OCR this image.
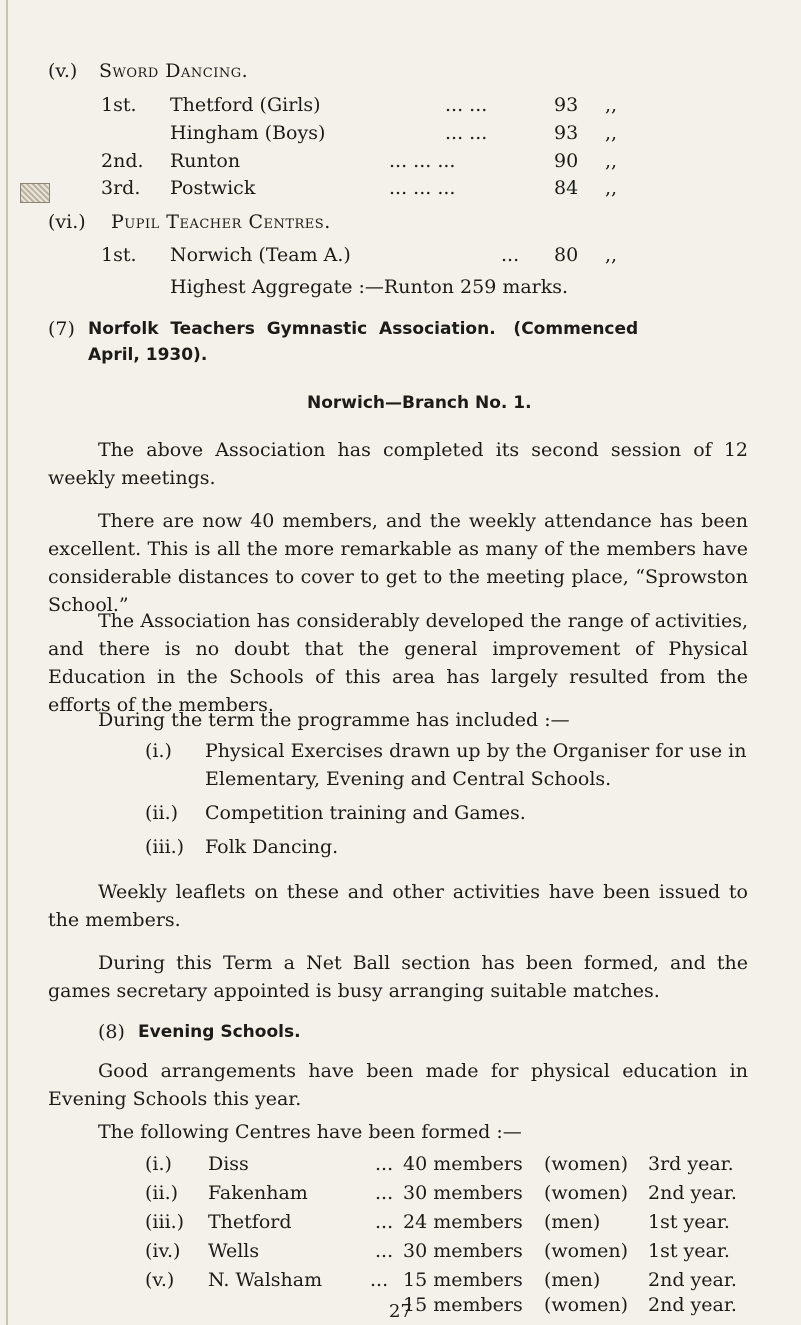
(v.) Sword Dancing.
1st. Thetford (Girls)	... ...	93 ,,
Hingham (Boys)	... ...	93 ,,
2nd. Runton	... ... ...	90 ,,
3rd. Postwick	... ... ...	84 ,,
(vi.) Pupil Teacher Centres.
1st. Norwich (Team A.)	... 80 ,,
Highest Aggregate :—Runton 259 marks.
(7) Norfolk  Teachers  Gymnastic  Association.   (Commenced
April, 1930).
Norwich—Branch No. 1.
The above Association has completed its second session of 12 weekly meetings.
There are now 40 members, and the weekly attendance has been excellent. This is all the more remarkable as many of the members have considerable distances to cover to get to the meeting place, “Sprowston School.”
The Association has considerably developed the range of activities, and there is no doubt that the general improvement of Physical Education in the Schools of this area has largely resulted from the efforts of the members.
During the term the programme has included :—
(i.) Physical Exercises drawn up by the Organiser for use in
Elementary, Evening and Central Schools.
(ii.) Competition training and Games.
(iii.) Folk Dancing.
Weekly leaflets on these and other activities have been issued to the members.
During this Term a Net Ball section has been formed, and the games secretary appointed is busy arranging suitable matches.
(8) Evening Schools.
Good arrangements have been made for physical education in Evening Schools this year.
The following Centres have been formed :—
(i.) Diss	... 40 members (women) 3rd year.
(ii.) Fakenham	... 30 members (women) 2nd year.
(iii.) Thetford	... 24 members (men)	1st year.
(iv.) Wells	... 30 members (women) 1st year.
(v.) N. Walsham	... 15 members (men)	2nd year.
15 members (women) 2nd year.
27
